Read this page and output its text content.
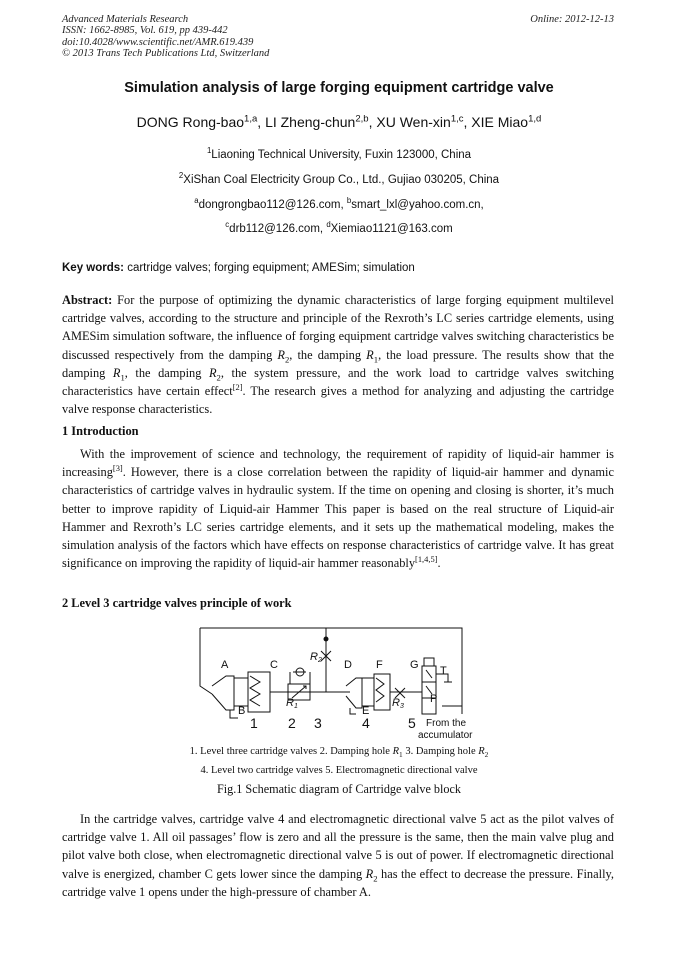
Advanced Materials Research
ISSN: 1662-8985, Vol. 619, pp 439-442
doi:10.4028/www.scientific.net/AMR.619.439
© 2013 Trans Tech Publications Ltd, Switzerland
Online: 2012-12-13
Simulation analysis of large forging equipment cartridge valve
DONG Rong-bao$^{1,a}$, LI Zheng-chun$^{2,b}$, XU Wen-xin$^{1,c}$, XIE Miao$^{1,d}$
$^1$Liaoning Technical University, Fuxin 123000, China
$^2$XiShan Coal Electricity Group Co., Ltd., Gujiao 030205, China
$^a$dongrongbao112@126.com, $^b$smart_lxl@yahoo.com.cn,
$^c$drb112@126.com, $^d$Xiemiao1121@163.com
Key words: cartridge valves; forging equipment; AMESim; simulation
Abstract: For the purpose of optimizing the dynamic characteristics of large forging equipment multilevel cartridge valves, according to the structure and principle of the Rexroth’s LC series cartridge elements, using AMESim simulation software, the influence of forging equipment cartridge valves switching characteristics be discussed respectively from the damping $R_2$, the damping $R_1$, the load pressure. The results show that the damping $R_1$, the damping $R_2$, the system pressure, and the work load to cartridge valves switching characteristics have certain effect[2]. The research gives a method for analyzing and adjusting the cartridge valve response characteristics.
1 Introduction
With the improvement of science and technology, the requirement of rapidity of liquid-air hammer is increasing[3]. However, there is a close correlation between the rapidity of liquid-air hammer and dynamic characteristics of cartridge valves in hydraulic system. If the time on opening and closing is shorter, it’s much better to improve rapidity of Liquid-air Hammer This paper is based on the real structure of Liquid-air Hammer and Rexroth’s LC series cartridge elements, and it sets up the mathematical modeling, makes the simulation analysis of the factors which have effects on response characteristics of cartridge valve. It has great significance on improving the rapidity of liquid-air hammer reasonably[1,4,5].
2 Level 3 cartridge valves principle of work
A
B
C	D
E
F G T
P
R1
R2
R3
1 2 3	4	5 From the
accumulator
1. Level three cartridge valves 2. Damping hole $R_1$ 3. Damping hole $R_2$
4. Level two cartridge valves 5. Electromagnetic directional valve
Fig.1 Schematic diagram of Cartridge valve block
In the cartridge valves, cartridge valve 4 and electromagnetic directional valve 5 act as the pilot valves of cartridge valve 1. All oil passages’ flow is zero and all the pressure is the same, then the main valve plug and pilot valve both close, when electromagnetic directional valve 5 is out of power. If electromagnetic directional valve is energized, chamber C gets lower since the damping $R_2$ has the effect to decrease the pressure. Finally, cartridge valve 1 opens under the high-pressure of chamber A.
